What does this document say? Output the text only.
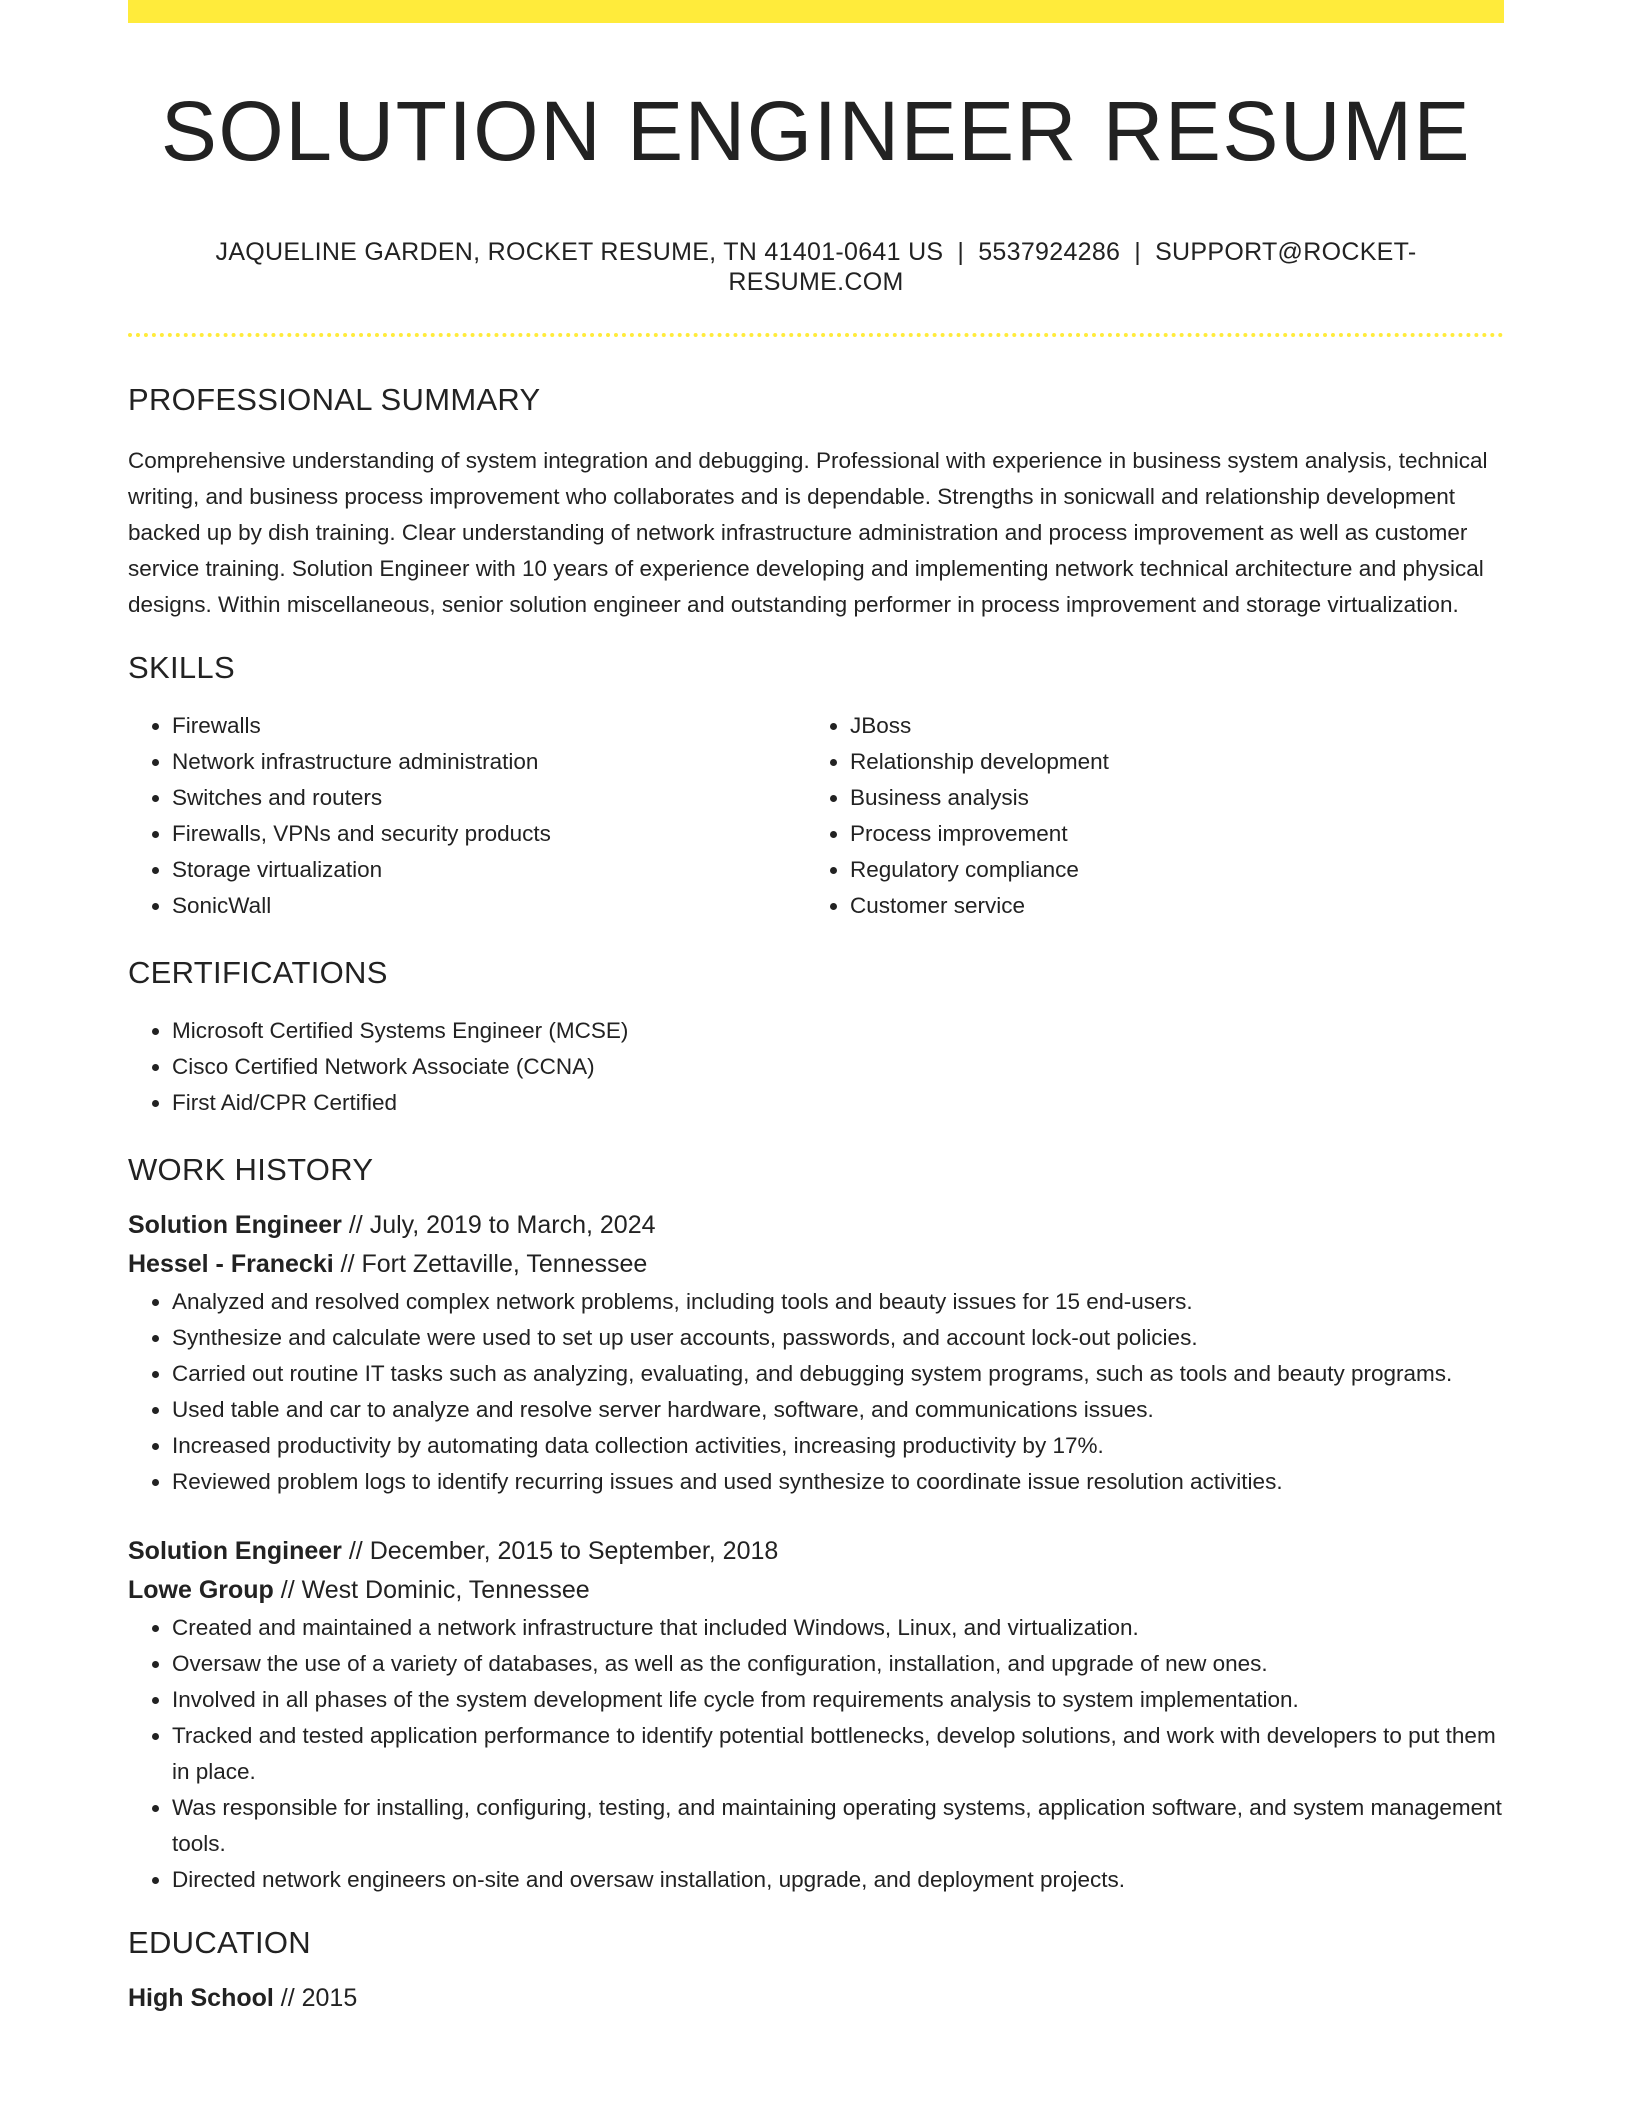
SOLUTION ENGINEER RESUME
JAQUELINE GARDEN, ROCKET RESUME, TN 41401-0641 US | 5537924286 | SUPPORT@ROCKET-RESUME.COM
PROFESSIONAL SUMMARY

Comprehensive understanding of system integration and debugging. Professional with experience in business system analysis, technical writing, and business process improvement who collaborates and is dependable. Strengths in sonicwall and relationship development backed up by dish training. Clear understanding of network infrastructure administration and process improvement as well as customer service training. Solution Engineer with 10 years of experience developing and implementing network technical architecture and physical designs. Within miscellaneous, senior solution engineer and outstanding performer in process improvement and storage virtualization.

SKILLS
• Firewalls
• Network infrastructure administration
• Switches and routers
• Firewalls, VPNs and security products
• Storage virtualization
• SonicWall
• JBoss
• Relationship development
• Business analysis
• Process improvement
• Regulatory compliance
• Customer service
CERTIFICATIONS
• Microsoft Certified Systems Engineer (MCSE)
• Cisco Certified Network Associate (CCNA)
• First Aid/CPR Certified
WORK HISTORY
Solution Engineer // July, 2019 to March, 2024
Hessel - Franecki // Fort Zettaville, Tennessee
• Analyzed and resolved complex network problems, including tools and beauty issues for 15 end-users.
• Synthesize and calculate were used to set up user accounts, passwords, and account lock-out policies.
• Carried out routine IT tasks such as analyzing, evaluating, and debugging system programs, such as tools and beauty programs.
• Used table and car to analyze and resolve server hardware, software, and communications issues.
• Increased productivity by automating data collection activities, increasing productivity by 17%.
• Reviewed problem logs to identify recurring issues and used synthesize to coordinate issue resolution activities.
Solution Engineer // December, 2015 to September, 2018
Lowe Group // West Dominic, Tennessee
• Created and maintained a network infrastructure that included Windows, Linux, and virtualization.
• Oversaw the use of a variety of databases, as well as the configuration, installation, and upgrade of new ones.
• Involved in all phases of the system development life cycle from requirements analysis to system implementation.
• Tracked and tested application performance to identify potential bottlenecks, develop solutions, and work with developers to put them in place.
• Was responsible for installing, configuring, testing, and maintaining operating systems, application software, and system management tools.
• Directed network engineers on-site and oversaw installation, upgrade, and deployment projects.
EDUCATION
High School // 2015
